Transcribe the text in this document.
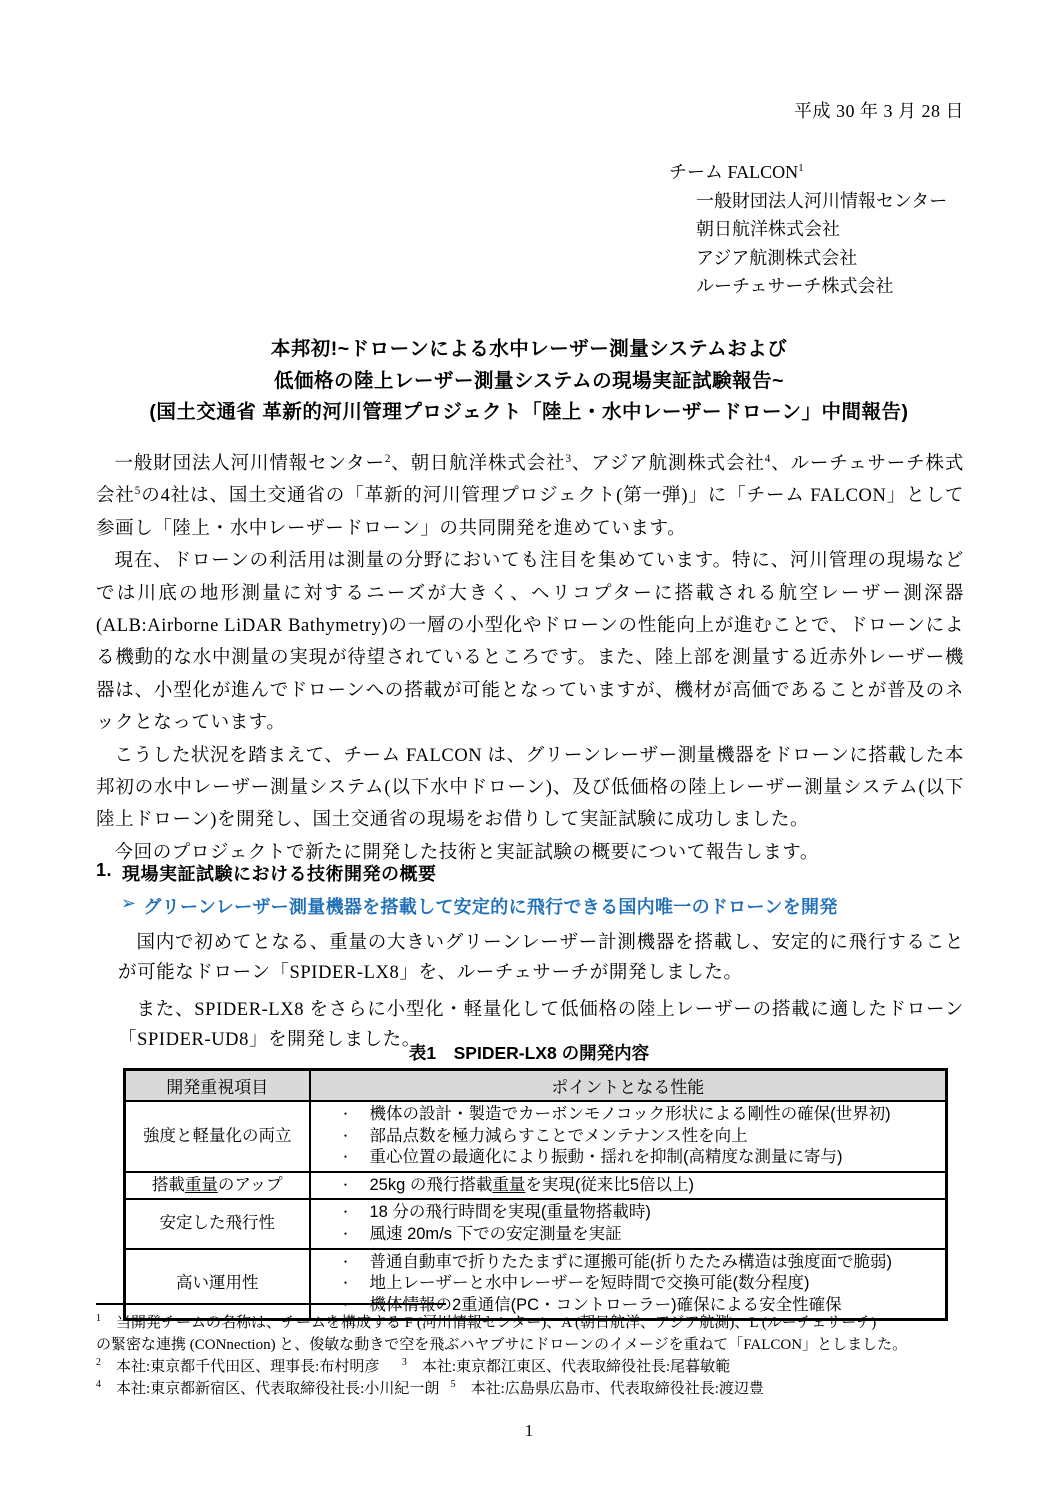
平成 30 年 3 月 28 日
チーム FALCON$^1$
一般財団法人河川情報センター
朝日航洋株式会社
アジア航測株式会社
ルーチェサーチ株式会社
本邦初!~ドローンによる水中レーザー測量システムおよび
低価格の陸上レーザー測量システムの現場実証試験報告~
(国土交通省 革新的河川管理プロジェクト「陸上・水中レーザードローン」中間報告)

一般財団法人河川情報センター$^2$、朝日航洋株式会社$^3$、アジア航測株式会社$^4$、ルーチェサーチ株式会社$^5$の4社は、国土交通省の「革新的河川管理プロジェクト(第一弾)」に「チーム FALCON」として参画し「陸上・水中レーザードローン」の共同開発を進めています。

現在、ドローンの利活用は測量の分野においても注目を集めています。特に、河川管理の現場などでは川底の地形測量に対するニーズが大きく、ヘリコプターに搭載される航空レーザー測深器(ALB:Airborne LiDAR Bathymetry)の一層の小型化やドローンの性能向上が進むことで、ドローンによる機動的な水中測量の実現が待望されているところです。また、陸上部を測量する近赤外レーザー機器は、小型化が進んでドローンへの搭載が可能となっていますが、機材が高価であることが普及のネックとなっています。

こうした状況を踏まえて、チーム FALCON は、グリーンレーザー測量機器をドローンに搭載した本邦初の水中レーザー測量システム(以下水中ドローン)、及び低価格の陸上レーザー測量システム(以下陸上ドローン)を開発し、国土交通省の現場をお借りして実証試験に成功しました。

今回のプロジェクトで新たに開発した技術と実証試験の概要について報告します。

1. 現場実証試験における技術開発の概要
➢ グリーンレーザー測量機器を搭載して安定的に飛行できる国内唯一のドローンを開発

国内で初めてとなる、重量の大きいグリーンレーザー計測機器を搭載し、安定的に飛行することが可能なドローン「SPIDER-LX8」を、ルーチェサーチが開発しました。

また、SPIDER-LX8 をさらに小型化・軽量化して低価格の陸上レーザーの搭載に適したドローン「SPIDER-UD8」を開発しました。

表1　SPIDER-LX8 の開発内容
開発重視項目	ポイントとなる性能
強度と軽量化の両立	
・	機体の設計・製造でカーボンモノコック形状による剛性の確保(世界初)
・	部品点数を極力減らすことでメンテナンス性を向上
・	重心位置の最適化により振動・揺れを抑制(高精度な測量に寄与)

搭載重量のアップ	・ 25kg の飛行搭載重量を実現(従来比5倍以上)

安定した飛行性	・ 18 分の飛行時間を実現(重量物搭載時)
・ 風速 20m/s 下での安定測量を実証

高い運用性	
・	普通自動車で折りたたまずに運搬可能(折りたたみ構造は強度面で脆弱)
・	地上レーザーと水中レーザーを短時間で交換可能(数分程度)
・	機体情報の2重通信(PC・コントローラー)確保による安全性確保
$^1$　当開発チームの名称は、チームを構成する F (河川情報センター)、A (朝日航洋、アジア航測)、L (ルーチェサーチ)
の緊密な連携 (CONnection) と、俊敏な動きで空を飛ぶハヤブサにドローンのイメージを重ねて「FALCON」としました。
$^2$　本社:東京都千代田区、理事長:布村明彦 $^3$　本社:東京都江東区、代表取締役社長:尾暮敏範
$^4$　本社:東京都新宿区、代表取締役社長:小川紀一朗 $^5$　本社:広島県広島市、代表取締役社長:渡辺豊
1
